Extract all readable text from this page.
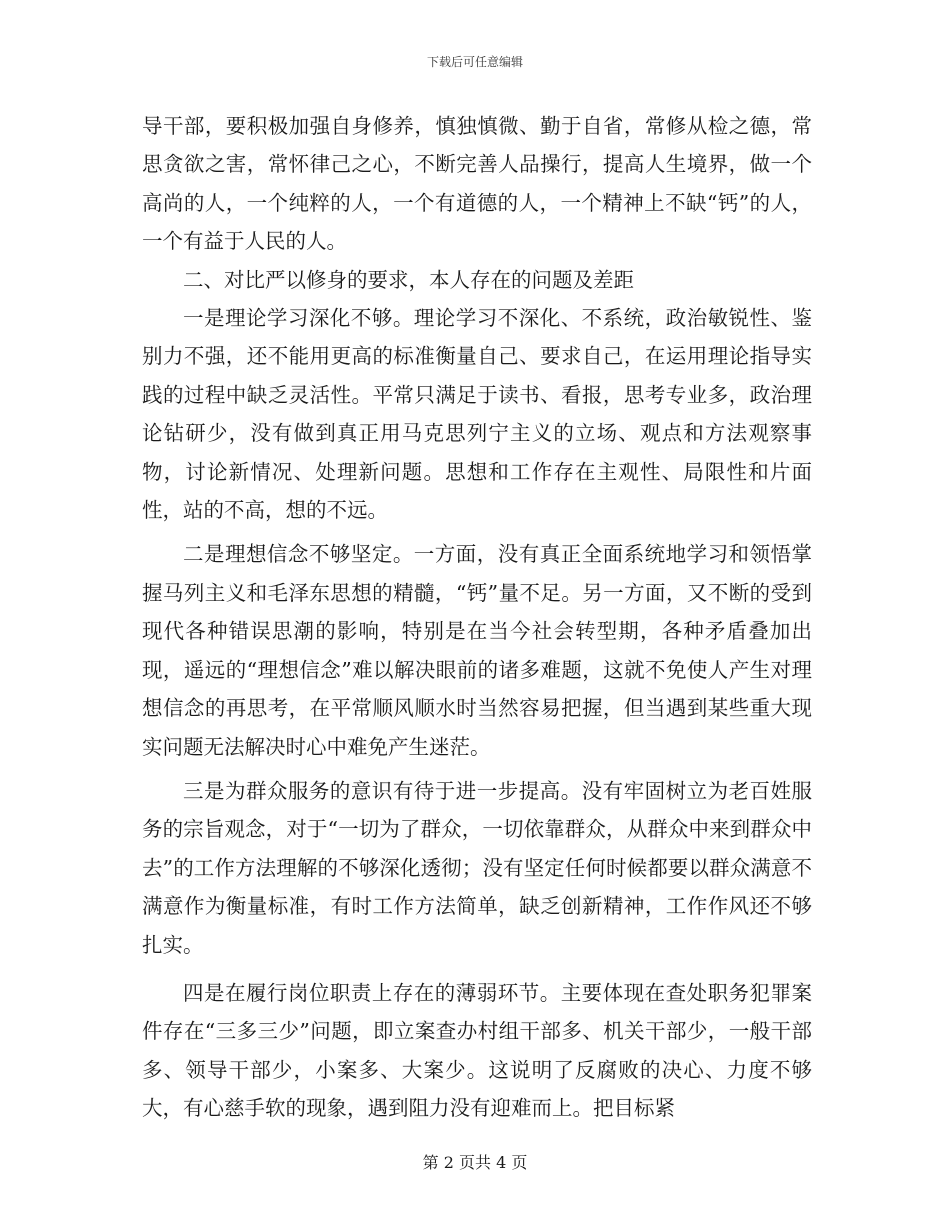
下载后可任意编辑

导干部，要积极加强自身修养，慎独慎微、勤于自省，常修从检之德，常思贪欲之害，常怀律己之心，不断完善人品操行，提高人生境界，做一个高尚的人，一个纯粹的人，一个有道德的人，一个精神上不缺“钙”的人，一个有益于人民的人。

二、对比严以修身的要求，本人存在的问题及差距

一是理论学习深化不够。理论学习不深化、不系统，政治敏锐性、鉴别力不强，还不能用更高的标准衡量自己、要求自己，在运用理论指导实践的过程中缺乏灵活性。平常只满足于读书、看报，思考专业多，政治理论钻研少，没有做到真正用马克思列宁主义的立场、观点和方法观察事物，讨论新情况、处理新问题。思想和工作存在主观性、局限性和片面性，站的不高，想的不远。

二是理想信念不够坚定。一方面，没有真正全面系统地学习和领悟掌握马列主义和毛泽东思想的精髓，“钙”量不足。另一方面，又不断的受到现代各种错误思潮的影响，特别是在当今社会转型期，各种矛盾叠加出现，遥远的“理想信念”难以解决眼前的诸多难题，这就不免使人产生对理想信念的再思考，在平常顺风顺水时当然容易把握，但当遇到某些重大现实问题无法解决时心中难免产生迷茫。

三是为群众服务的意识有待于进一步提高。没有牢固树立为老百姓服务的宗旨观念，对于“一切为了群众，一切依靠群众，从群众中来到群众中去”的工作方法理解的不够深化透彻；没有坚定任何时候都要以群众满意不满意作为衡量标准，有时工作方法简单，缺乏创新精神，工作作风还不够扎实。

四是在履行岗位职责上存在的薄弱环节。主要体现在查处职务犯罪案件存在“三多三少”问题，即立案查办村组干部多、机关干部少，一般干部多、领导干部少，小案多、大案少。这说明了反腐败的决心、力度不够大，有心慈手软的现象，遇到阻力没有迎难而上。把目标紧

第 2 页共 4 页
